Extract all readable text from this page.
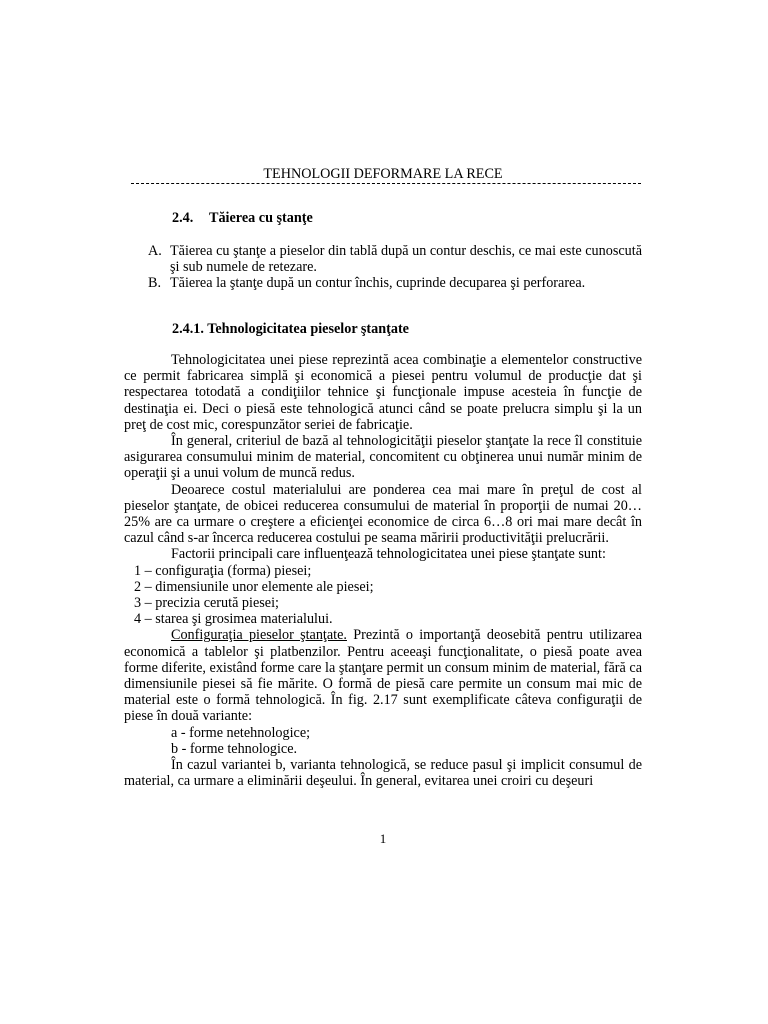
TEHNOLOGII DEFORMARE LA RECE
2.4. Tăierea cu ştanţe
A. Tăierea cu ştanţe a pieselor din tablă după un contur deschis, ce mai este cunoscută şi sub numele de retezare.
B. Tăierea la ştanţe după un contur închis, cuprinde decuparea şi perforarea.
2.4.1. Tehnologicitatea pieselor ştanţate

Tehnologicitatea unei piese reprezintă acea combinaţie a elementelor constructive ce permit fabricarea simplă şi economică a piesei pentru volumul de producţie dat şi respectarea totodată a condiţiilor tehnice şi funcţionale impuse acesteia în funcţie de destinaţia ei. Deci o piesă este tehnologică atunci când se poate prelucra simplu şi la un preţ de cost mic, corespunzător seriei de fabricaţie.

În general, criteriul de bază al tehnologicităţii pieselor ştanţate la rece îl constituie asigurarea consumului minim de material, concomitent cu obţinerea unui număr minim de operaţii şi a unui volum de muncă redus.

Deoarece costul materialului are ponderea cea mai mare în preţul de cost al pieselor ştanţate, de obicei reducerea consumului de material în proporţii de numai 20…25% are ca urmare o creştere a eficienţei economice de circa 6…8 ori mai mare decât în cazul când s-ar încerca reducerea costului pe seama măririi productivităţii prelucrării.

Factorii principali care influenţează tehnologicitatea unei piese ştanţate sunt:

1 – configuraţia (forma) piesei;

2 – dimensiunile unor elemente ale piesei;

3 – precizia cerută piesei;

4 – starea şi grosimea materialului.

Configuraţia pieselor ştanţate. Prezintă o importanţă deosebită pentru utilizarea economică a tablelor şi platbenzilor. Pentru aceeaşi funcţionalitate, o piesă poate avea forme diferite, existând forme care la ştanţare permit un consum minim de material, fără ca dimensiunile piesei să fie mărite. O formă de piesă care permite un consum mai mic de material este o formă tehnologică. În fig. 2.17 sunt exemplificate câteva configuraţii de piese în două variante:

a - forme netehnologice;

b - forme tehnologice.

În cazul variantei b, varianta tehnologică, se reduce pasul şi implicit consumul de material, ca urmare a eliminării deşeului. În general, evitarea unei croiri cu deşeuri

1
